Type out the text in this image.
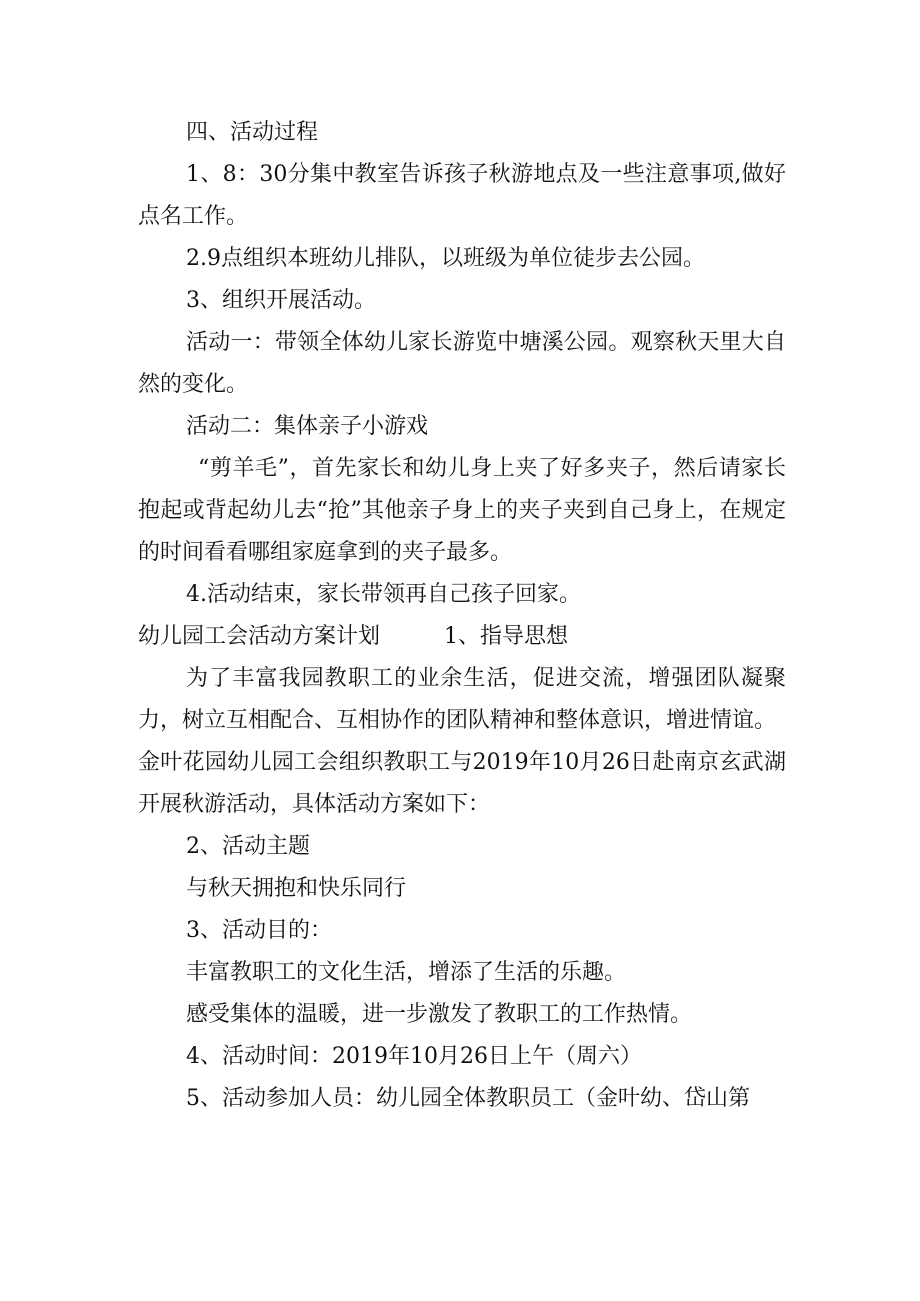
四、活动过程

1、8：30分集中教室告诉孩子秋游地点及一些注意事项,做好点名工作。

2.9点组织本班幼儿排队，以班级为单位徒步去公园。

3、组织开展活动。

活动一：带领全体幼儿家长游览中塘溪公园。观察秋天里大自然的变化。

活动二：集体亲子小游戏

“剪羊毛”，首先家长和幼儿身上夹了好多夹子，然后请家长抱起或背起幼儿去“抢”其他亲子身上的夹子夹到自己身上，在规定的时间看看哪组家庭拿到的夹子最多。

4.活动结束，家长带领再自己孩子回家。

幼儿园工会活动方案计划	1、指导思想

为了丰富我园教职工的业余生活，促进交流，增强团队凝聚力，树立互相配合、互相协作的团队精神和整体意识，增进情谊。

金叶花园幼儿园工会组织教职工与2019年10月26日赴南京玄武湖开展秋游活动，具体活动方案如下：

2、活动主题

与秋天拥抱和快乐同行

3、活动目的：

丰富教职工的文化生活，增添了生活的乐趣。

感受集体的温暖，进一步激发了教职工的工作热情。

4、活动时间：2019年10月26日上午（周六）

5、活动参加人员：幼儿园全体教职员工（金叶幼、岱山第
